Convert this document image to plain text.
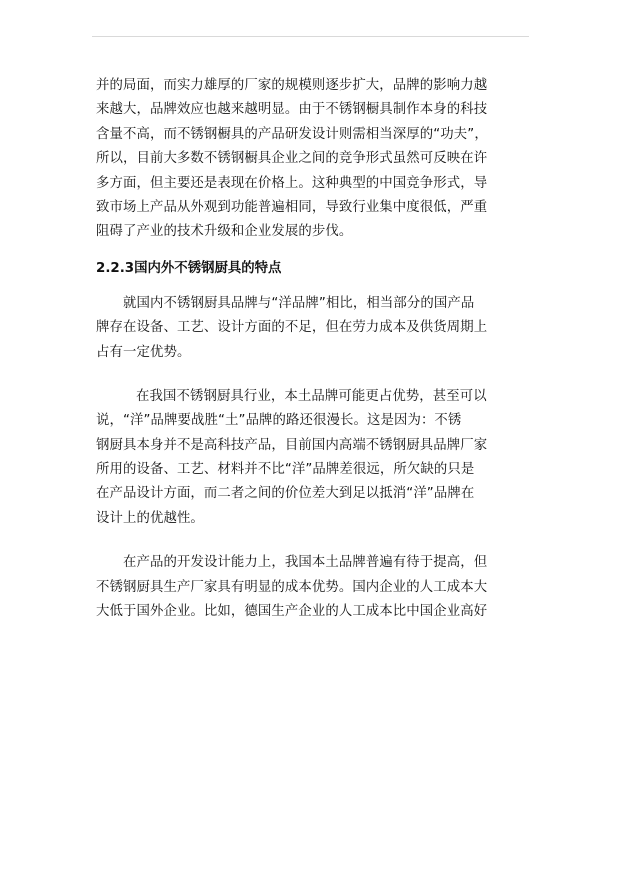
并的局面，而实力雄厚的厂家的规模则逐步扩大，品牌的影响力越
来越大，品牌效应也越来越明显。由于不锈钢橱具制作本身的科技
含量不高，而不锈钢橱具的产品研发设计则需相当深厚的“功夫”，
所以，目前大多数不锈钢橱具企业之间的竞争形式虽然可反映在许
多方面，但主要还是表现在价格上。这种典型的中国竞争形式，导
致市场上产品从外观到功能普遍相同，导致行业集中度很低，严重
阻碍了产业的技术升级和企业发展的步伐。
2.2.3国内外不锈钢厨具的特点
就国内不锈钢厨具品牌与“洋品牌”相比，相当部分的国产品
牌存在设备、工艺、设计方面的不足，但在劳力成本及供货周期上
占有一定优势。
在我国不锈钢厨具行业，本土品牌可能更占优势，甚至可以
说，“洋”品牌要战胜“土”品牌的路还很漫长。这是因为：不锈
钢厨具本身并不是高科技产品，目前国内高端不锈钢厨具品牌厂家
所用的设备、工艺、材料并不比“洋”品牌差很远，所欠缺的只是
在产品设计方面，而二者之间的价位差大到足以抵消“洋”品牌在
设计上的优越性。
在产品的开发设计能力上，我国本土品牌普遍有待于提高，但
不锈钢厨具生产厂家具有明显的成本优势。国内企业的人工成本大
大低于国外企业。比如，德国生产企业的人工成本比中国企业高好
